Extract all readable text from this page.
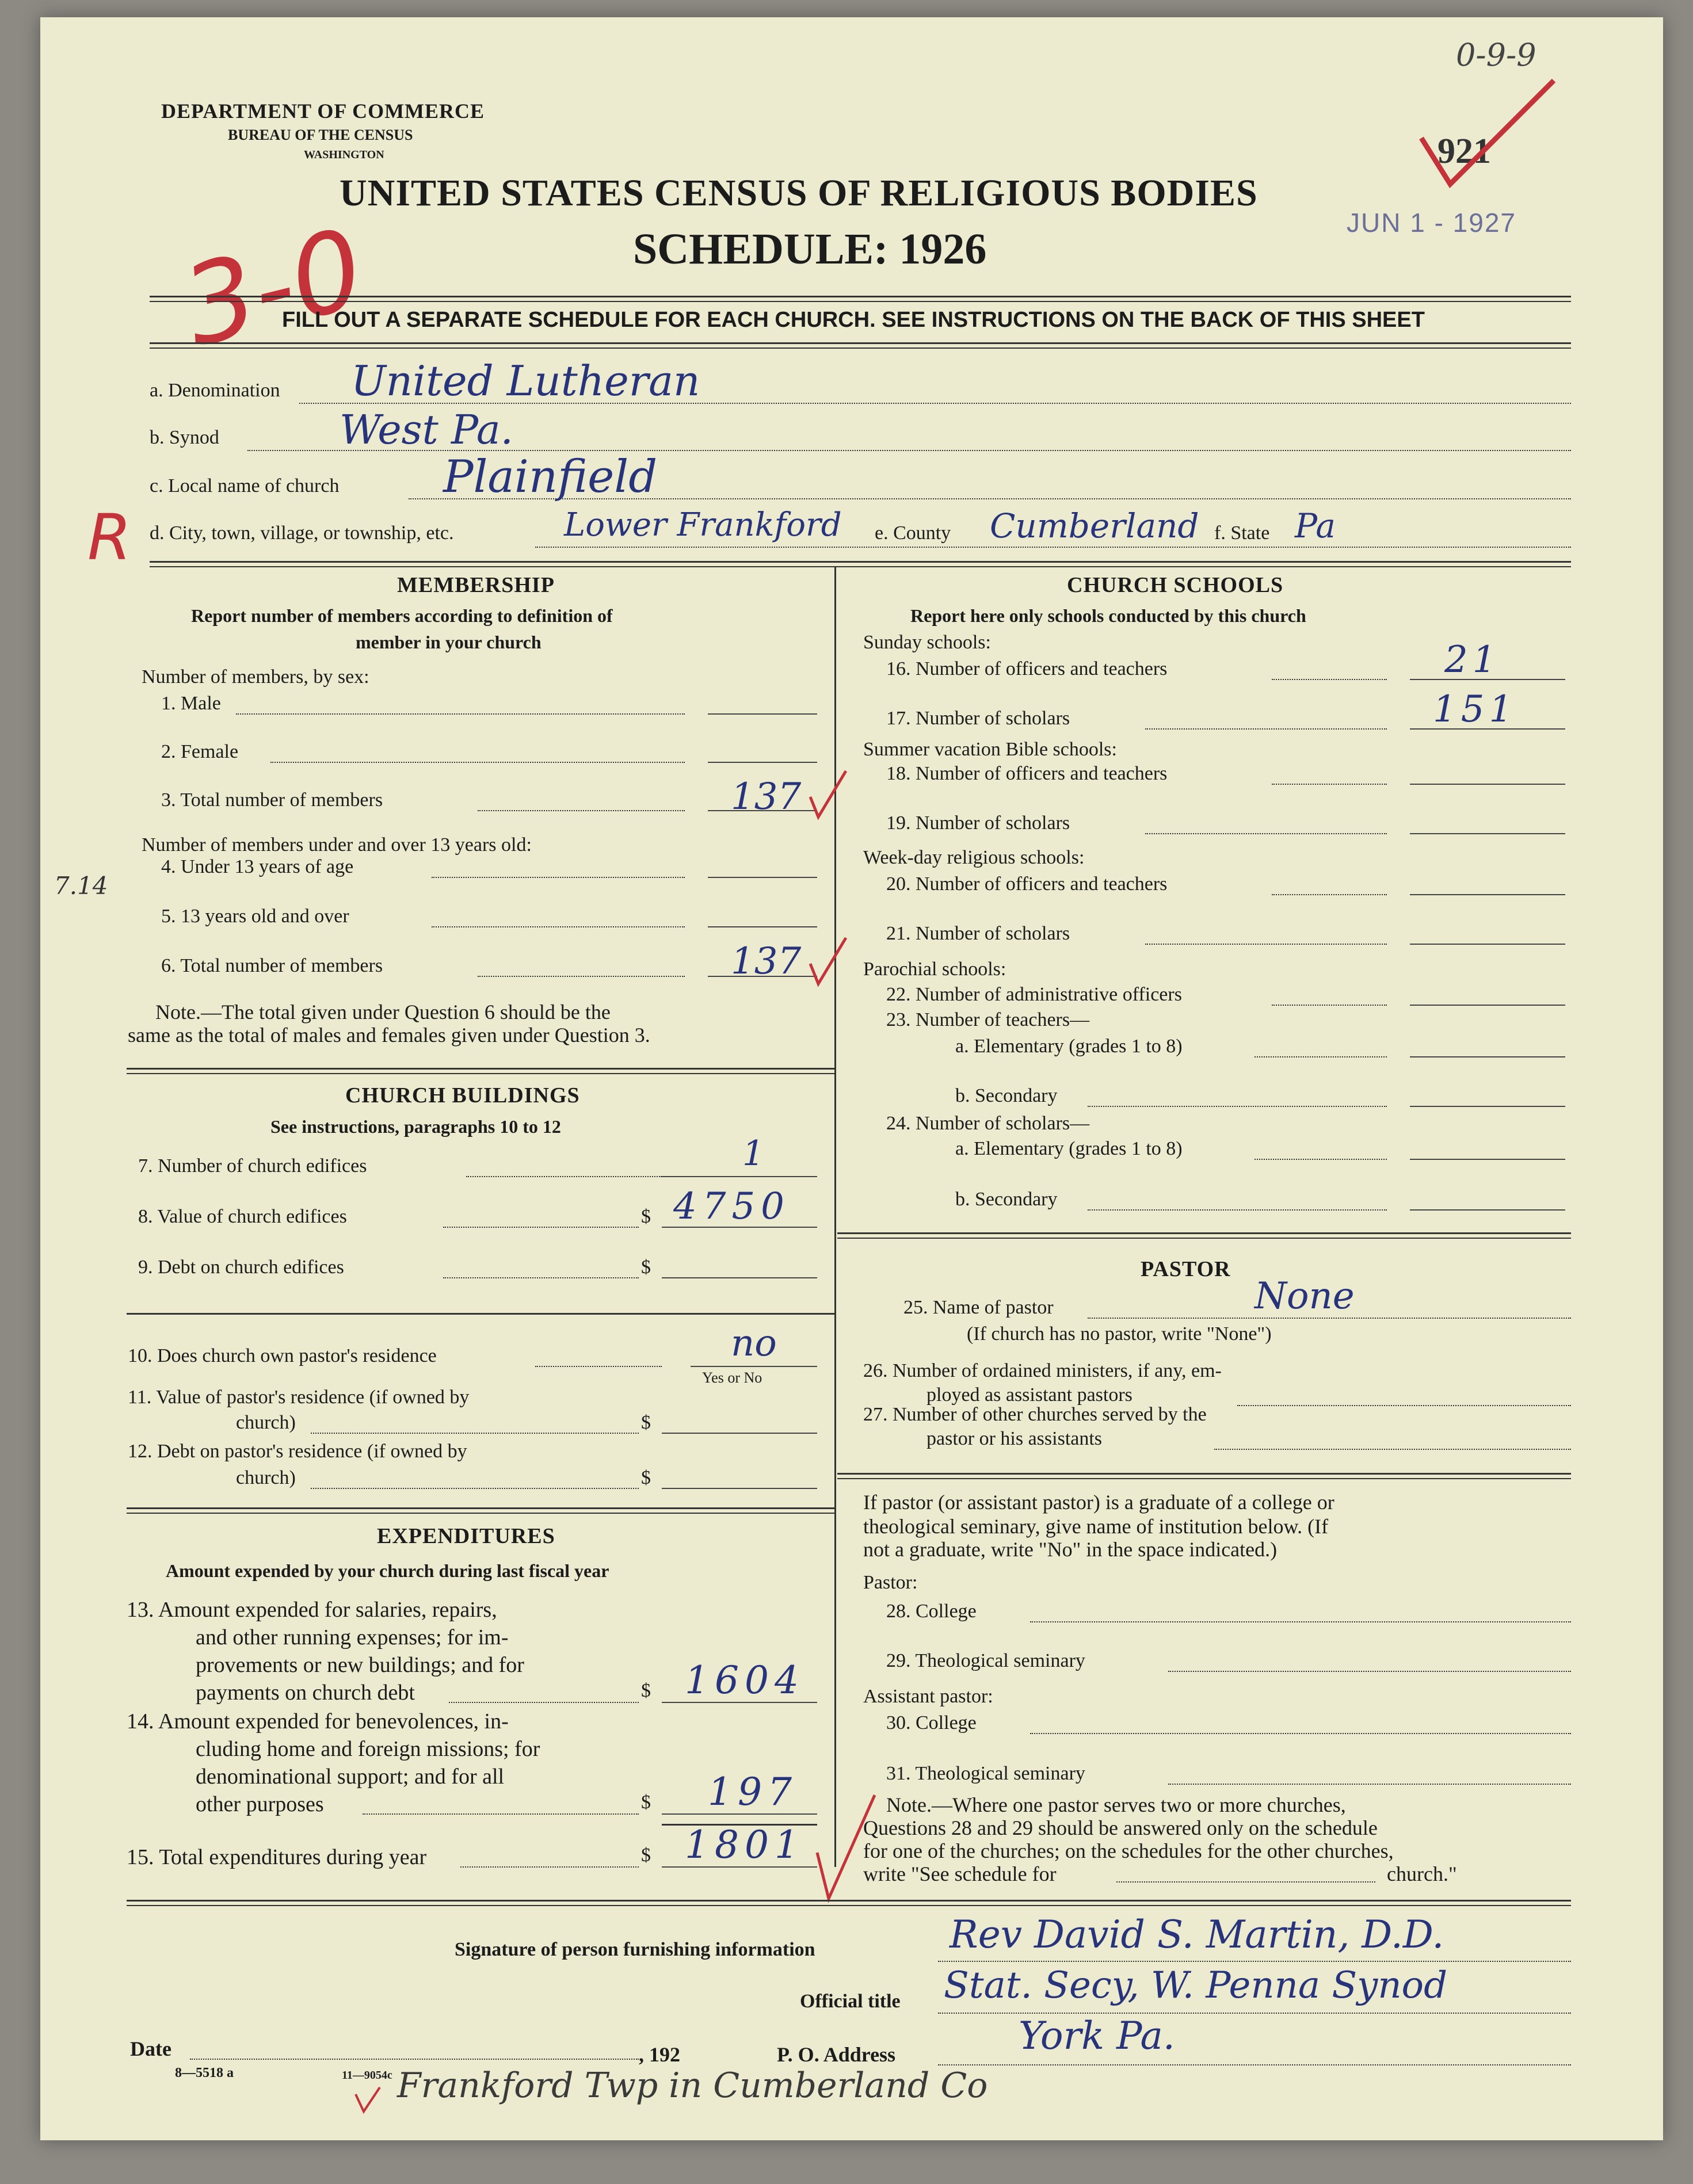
DEPARTMENT OF COMMERCE
BUREAU OF THE CENSUS
WASHINGTON
UNITED STATES CENSUS OF RELIGIOUS BODIES
SCHEDULE: 1926
0-9-9
921
JUN 1 - 1927
3-0
R
7.14
FILL OUT A SEPARATE SCHEDULE FOR EACH CHURCH. SEE INSTRUCTIONS ON THE BACK OF THIS SHEET
a. Denomination United Lutheran
b. Synod	West Pa.
c. Local name of church Plainfield
d. City, town, village, or township, etc.	Lower Frankford e. County Cumberland f. State Pa
MEMBERSHIP
Report number of members according to definition of
member in your church
Number of members, by sex:
1. Male
2. Female
3. Total number of members	137
Number of members under and over 13 years old:
4. Under 13 years of age
5. 13 years old and over
6. Total number of members	137
Note.—The total given under Question 6 should be the
same as the total of males and females given under Question 3.
CHURCH BUILDINGS
See instructions, paragraphs 10 to 12
7. Number of church edifices	1
8. Value of church edifices	$ 4750
9. Debt on church edifices	$
10. Does church own pastor's residence	no
Yes or No
11. Value of pastor's residence (if owned by
church)	$
12. Debt on pastor's residence (if owned by
church)	$
EXPENDITURES
Amount expended by your church during last fiscal year
13. Amount expended for salaries, repairs,
and other running expenses; for im-
provements or new buildings; and for
payments on church debt	$ 1604
14. Amount expended for benevolences, in-
cluding home and foreign missions; for
denominational support; and for all
other purposes	$ 197
15. Total expenditures during year	$ 1801
CHURCH SCHOOLS
Report here only schools conducted by this church
Sunday schools:
16. Number of officers and teachers	21
17. Number of scholars	151
Summer vacation Bible schools:
18. Number of officers and teachers
19. Number of scholars
Week-day religious schools:
20. Number of officers and teachers
21. Number of scholars
Parochial schools:
22. Number of administrative officers
23. Number of teachers—
a. Elementary (grades 1 to 8)
b. Secondary
24. Number of scholars—
a. Elementary (grades 1 to 8)
b. Secondary
PASTOR
25. Name of pastor	None
(If church has no pastor, write "None")
26. Number of ordained ministers, if any, em-
ployed as assistant pastors
27. Number of other churches served by the
pastor or his assistants
If pastor (or assistant pastor) is a graduate of a college or
theological seminary, give name of institution below. (If
not a graduate, write "No" in the space indicated.)
Pastor:
28. College
29. Theological seminary
Assistant pastor:
30. College
31. Theological seminary
Note.—Where one pastor serves two or more churches,
Questions 28 and 29 should be answered only on the schedule
for one of the churches; on the schedules for the other churches,
write "See schedule for	church."
Signature of person furnishing information	Rev David S. Martin, D.D.
Official title Stat. Secy, W. Penna Synod
Date	, 192	P. O. Address	York Pa.
8—5518 a	11—9054c Frankford Twp in Cumberland Co
